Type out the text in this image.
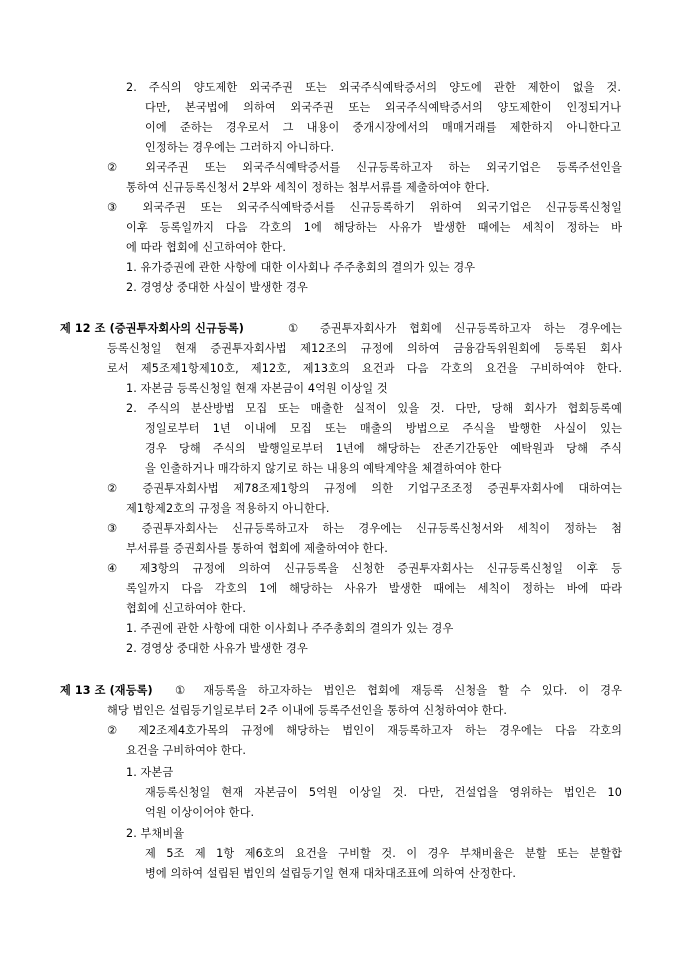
2. 주식의 양도제한 외국주권 또는 외국주식예탁증서의 양도에 관한 제한이 없을 것.
다만, 본국법에 의하여 외국주권 또는 외국주식예탁증서의 양도제한이 인정되거나
이에 준하는 경우로서 그 내용이 중개시장에서의 매매거래를 제한하지 아니한다고
인정하는 경우에는 그러하지 아니하다.
② 외국주권 또는 외국주식예탁증서를 신규등록하고자 하는 외국기업은 등록주선인을
통하여 신규등록신청서 2부와 세칙이 정하는 첨부서류를 제출하여야 한다.
③ 외국주권 또는 외국주식예탁증서를 신규등록하기 위하여 외국기업은 신규등록신청일
이후 등록일까지 다음 각호의 1에 해당하는 사유가 발생한 때에는 세칙이 정하는 바
에 따라 협회에 신고하여야 한다.
1. 유가증권에 관한 사항에 대한 이사회나 주주총회의 결의가 있는 경우
2. 경영상 중대한 사실이 발생한 경우
제 12 조 (증권투자회사의 신규등록)	① 증권투자회사가 협회에 신규등록하고자 하는 경우에는
등록신청일 현재 증권투자회사법 제12조의 규정에 의하여 금융감독위원회에 등록된 회사
로서 제5조제1항제10호, 제12호, 제13호의 요건과 다음 각호의 요건을 구비하여야 한다.
1. 자본금 등록신청일 현재 자본금이 4억원 이상일 것
2. 주식의 분산방법 모집 또는 매출한 실적이 있을 것. 다만, 당해 회사가 협회등록예
정일로부터 1년 이내에 모집 또는 매출의 방법으로 주식을 발행한 사실이 있는
경우 당해 주식의 발행일로부터 1년에 해당하는 잔존기간동안 예탁원과 당해 주식
을 인출하거나 매각하지 않기로 하는 내용의 예탁계약을 체결하여야 한다
② 증권투자회사법 제78조제1항의 규정에 의한 기업구조조정 증권투자회사에 대하여는
제1항제2호의 규정을 적용하지 아니한다.
③ 증권투자회사는 신규등록하고자 하는 경우에는 신규등록신청서와 세칙이 정하는 첨
부서류를 증권회사를 통하여 협회에 제출하여야 한다.
④ 제3항의 규정에 의하여 신규등록을 신청한 증권투자회사는 신규등록신청일 이후 등
록일까지 다음 각호의 1에 해당하는 사유가 발생한 때에는 세칙이 정하는 바에 따라
협회에 신고하여야 한다.
1. 주권에 관한 사항에 대한 이사회나 주주총회의 결의가 있는 경우
2. 경영상 중대한 사유가 발생한 경우
제 13 조 (재등록) ① 재등록을 하고자하는 법인은 협회에 재등록 신청을 할 수 있다. 이 경우
해당 법인은 설립등기일로부터 2주 이내에 등록주선인을 통하여 신청하여야 한다.
② 제2조제4호가목의 규정에 해당하는 법인이 재등록하고자 하는 경우에는 다음 각호의
요건을 구비하여야 한다.
1. 자본금
재등록신청일 현재 자본금이 5억원 이상일 것. 다만, 건설업을 영위하는 법인은 10
억원 이상이어야 한다.
2. 부채비율
제 5조 제 1항 제6호의 요건을 구비할 것. 이 경우 부채비율은 분할 또는 분할합
병에 의하여 설립된 법인의 설립등기일 현재 대차대조표에 의하여 산정한다.
